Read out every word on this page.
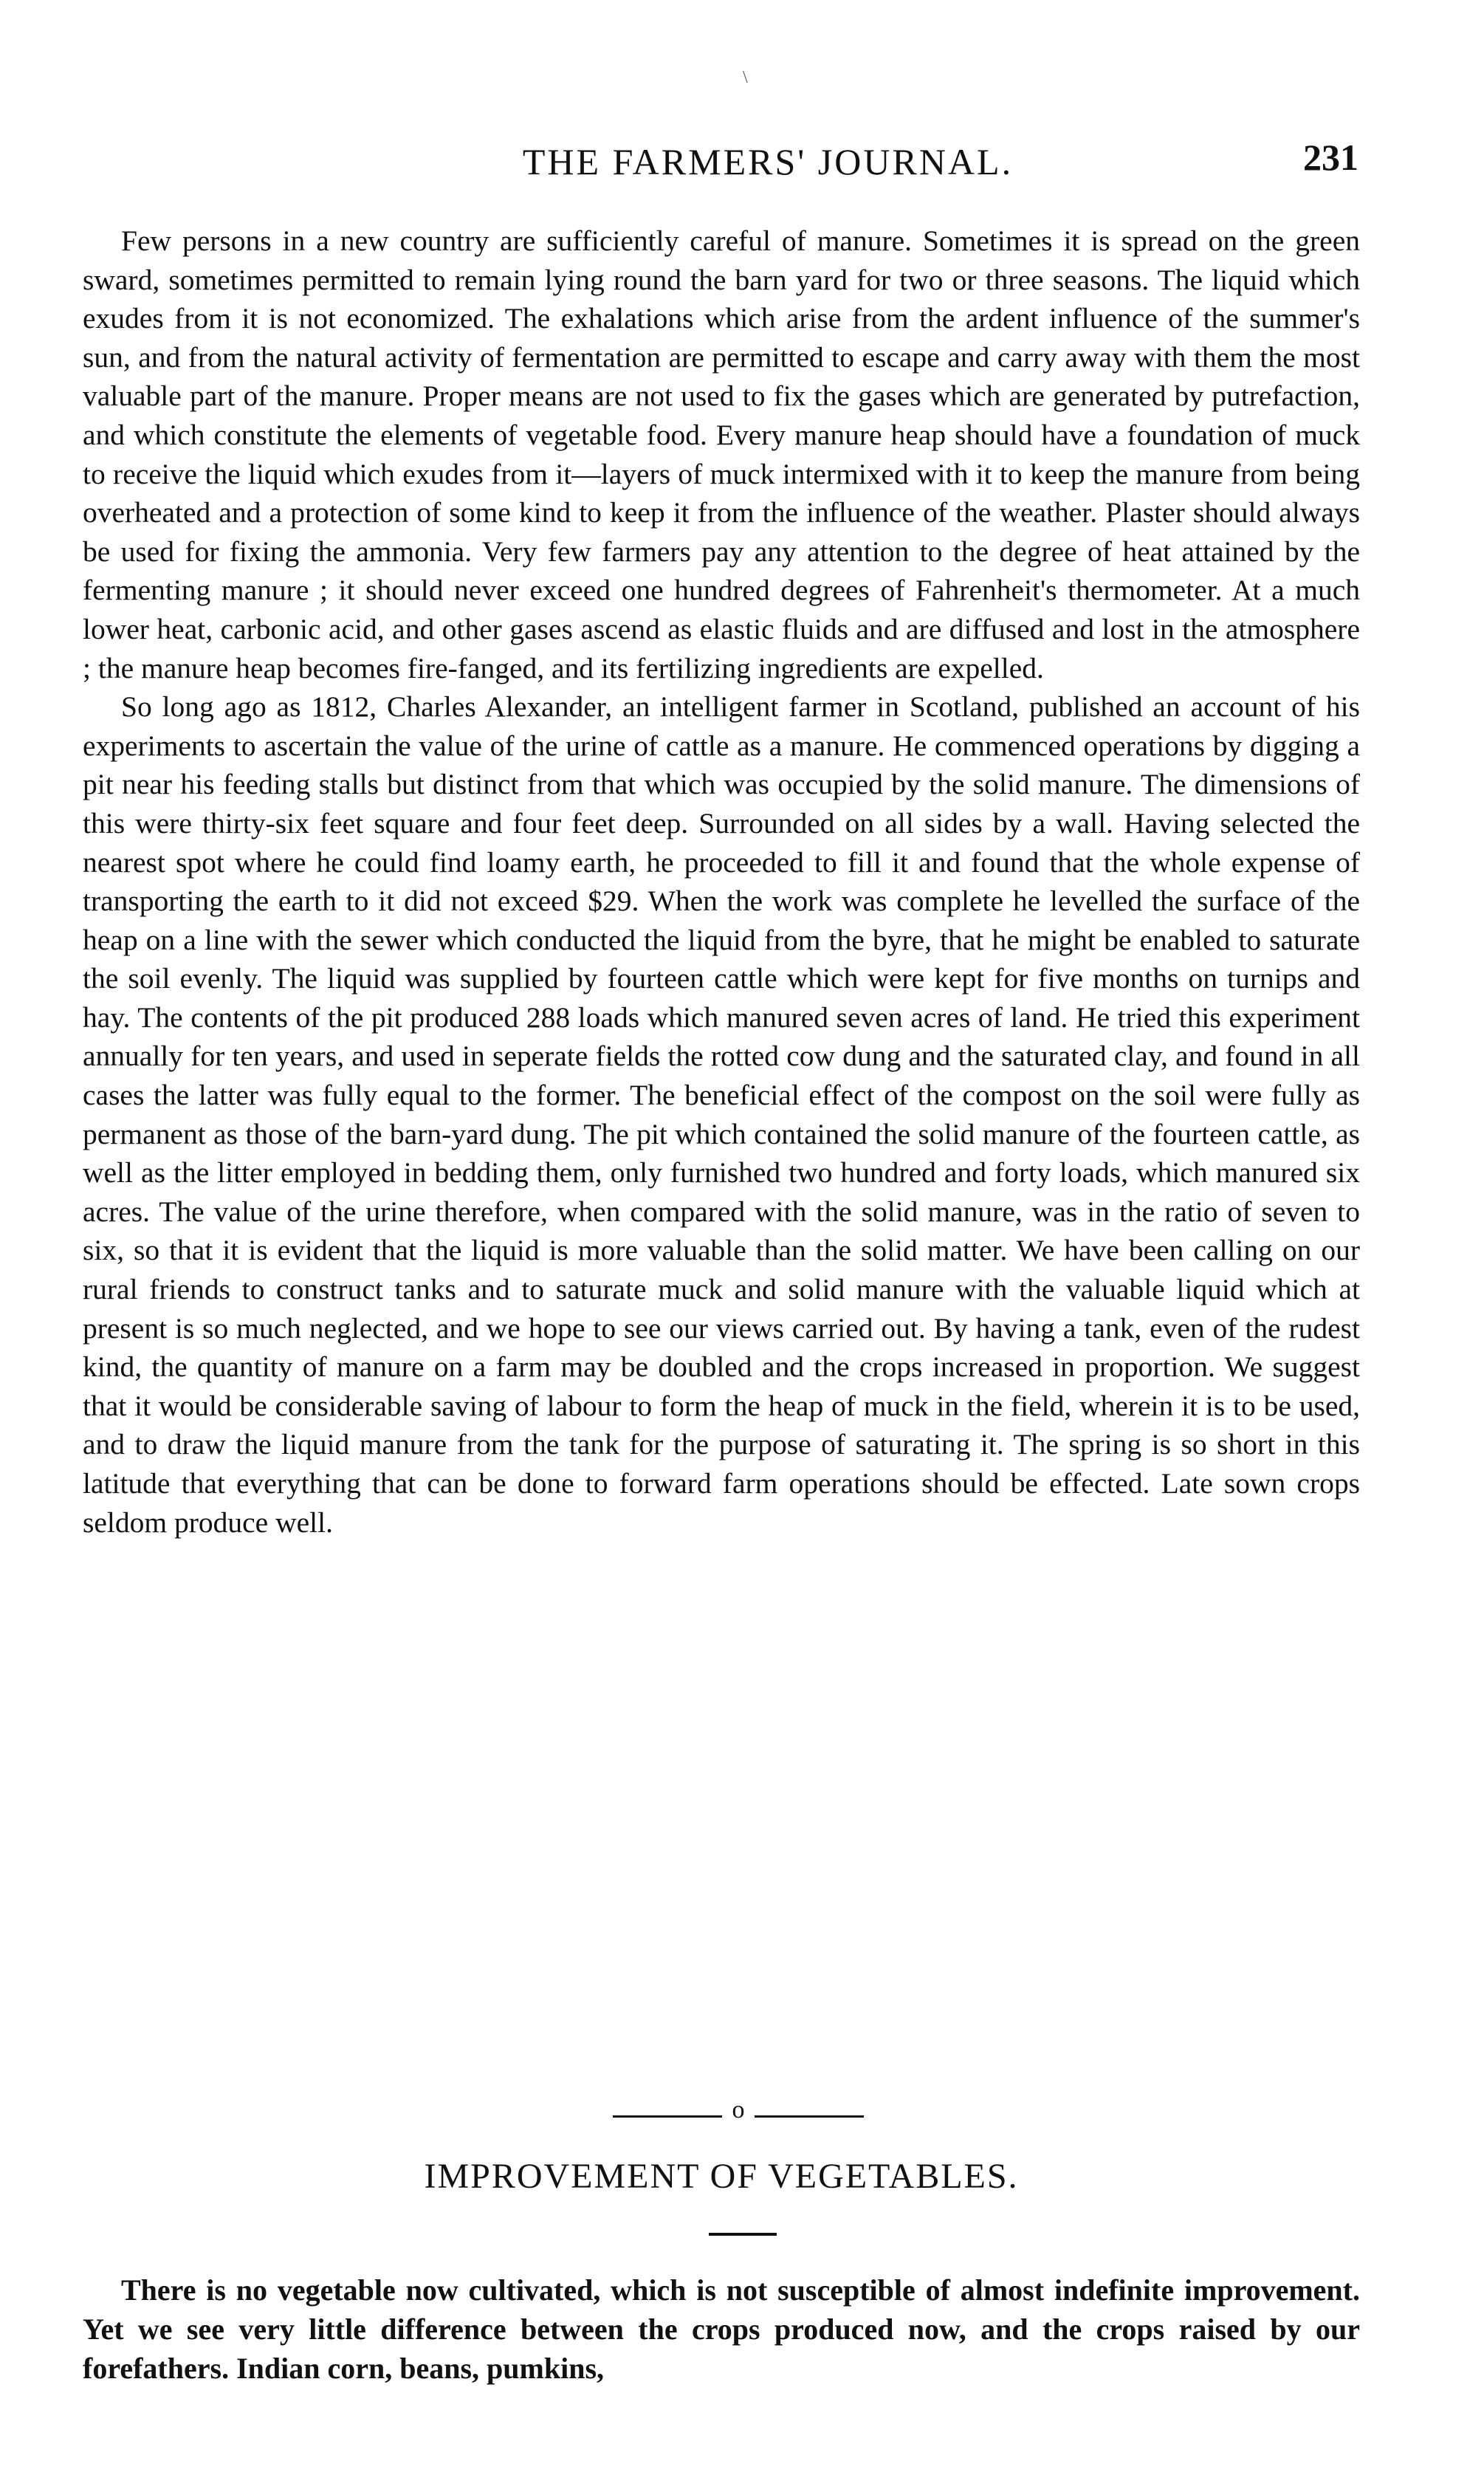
\
THE FARMERS' JOURNAL.	231

Few persons in a new country are sufficiently careful of manure. Sometimes it is spread on the green sward, sometimes permitted to remain lying round the barn yard for two or three seasons. The liquid which exudes from it is not economized. The exhalations which arise from the ardent influence of the summer's sun, and from the natural activity of fermentation are permitted to escape and carry away with them the most valuable part of the manure. Proper means are not used to fix the gases which are generated by putrefaction, and which constitute the elements of vegetable food. Every manure heap should have a foundation of muck to receive the liquid which exudes from it—layers of muck intermixed with it to keep the manure from being overheated and a protection of some kind to keep it from the influence of the weather. Plaster should always be used for fixing the ammonia. Very few farmers pay any attention to the degree of heat attained by the fermenting manure ; it should never exceed one hundred degrees of Fahrenheit's thermometer. At a much lower heat, carbonic acid, and other gases ascend as elastic fluids and are diffused and lost in the atmosphere ; the manure heap becomes fire-fanged, and its fertilizing ingredients are expelled.

So long ago as 1812, Charles Alexander, an intelligent farmer in Scotland, published an account of his experiments to ascertain the value of the urine of cattle as a manure. He commenced operations by digging a pit near his feeding stalls but distinct from that which was occupied by the solid manure. The dimensions of this were thirty-six feet square and four feet deep. Surrounded on all sides by a wall. Having selected the nearest spot where he could find loamy earth, he proceeded to fill it and found that the whole expense of transporting the earth to it did not exceed $29. When the work was complete he levelled the surface of the heap on a line with the sewer which conducted the liquid from the byre, that he might be enabled to saturate the soil evenly. The liquid was supplied by fourteen cattle which were kept for five months on turnips and hay. The contents of the pit produced 288 loads which manured seven acres of land. He tried this experiment annually for ten years, and used in seperate fields the rotted cow dung and the saturated clay, and found in all cases the latter was fully equal to the former. The beneficial effect of the compost on the soil were fully as permanent as those of the barn-yard dung. The pit which contained the solid manure of the fourteen cattle, as well as the litter employed in bedding them, only furnished two hundred and forty loads, which manured six acres. The value of the urine therefore, when compared with the solid manure, was in the ratio of seven to six, so that it is evident that the liquid is more valuable than the solid matter. We have been calling on our rural friends to construct tanks and to saturate muck and solid manure with the valuable liquid which at present is so much neglected, and we hope to see our views carried out. By having a tank, even of the rudest kind, the quantity of manure on a farm may be doubled and the crops increased in proportion. We suggest that it would be considerable saving of labour to form the heap of muck in the field, wherein it is to be used, and to draw the liquid manure from the tank for the purpose of saturating it. The spring is so short in this latitude that everything that can be done to forward farm operations should be effected. Late sown crops seldom produce well.

o
IMPROVEMENT OF VEGETABLES.

There is no vegetable now cultivated, which is not susceptible of almost indefinite improvement. Yet we see very little difference between the crops produced now, and the crops raised by our forefathers. Indian corn, beans, pumkins,
